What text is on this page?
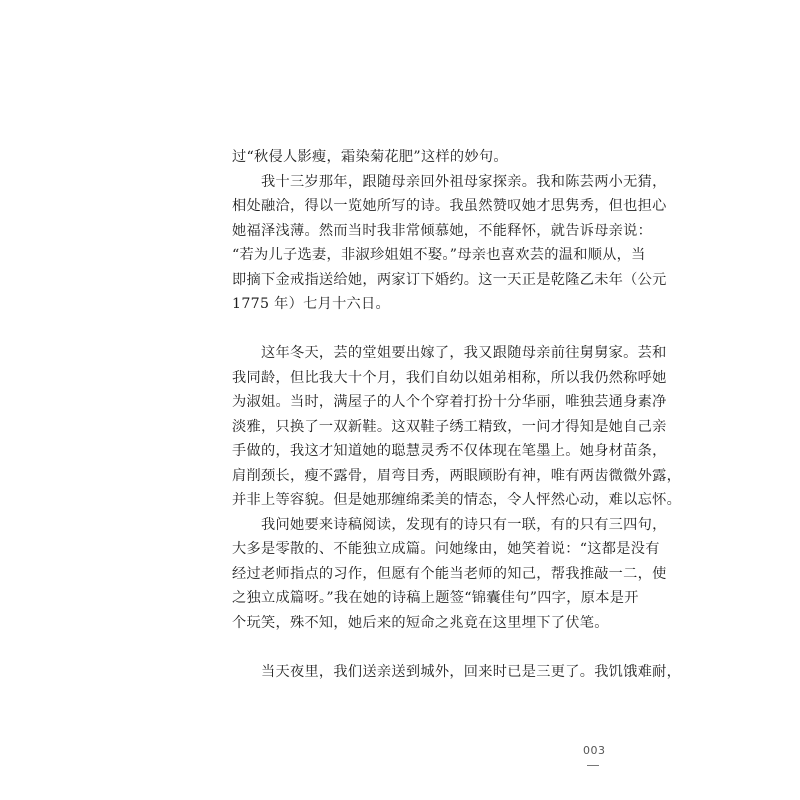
过“秋侵人影瘦，霜染菊花肥”这样的妙句。
　　我十三岁那年，跟随母亲回外祖母家探亲。我和陈芸两小无猜，
相处融洽，得以一览她所写的诗。我虽然赞叹她才思隽秀，但也担心
她福泽浅薄。然而当时我非常倾慕她，不能释怀，就告诉母亲说：
“若为儿子选妻，非淑珍姐姐不娶。”母亲也喜欢芸的温和顺从，当
即摘下金戒指送给她，两家订下婚约。这一天正是乾隆乙未年（公元
1775 年）七月十六日。
　　这年冬天，芸的堂姐要出嫁了，我又跟随母亲前往舅舅家。芸和
我同龄，但比我大十个月，我们自幼以姐弟相称，所以我仍然称呼她
为淑姐。当时，满屋子的人个个穿着打扮十分华丽，唯独芸通身素净
淡雅，只换了一双新鞋。这双鞋子绣工精致，一问才得知是她自己亲
手做的，我这才知道她的聪慧灵秀不仅体现在笔墨上。她身材苗条，
肩削颈长，瘦不露骨，眉弯目秀，两眼顾盼有神，唯有两齿微微外露，
并非上等容貌。但是她那缠绵柔美的情态，令人怦然心动，难以忘怀。
　　我问她要来诗稿阅读，发现有的诗只有一联，有的只有三四句，
大多是零散的、不能独立成篇。问她缘由，她笑着说：“这都是没有
经过老师指点的习作，但愿有个能当老师的知己，帮我推敲一二，使
之独立成篇呀。”我在她的诗稿上题签“锦囊佳句”四字，原本是开
个玩笑，殊不知，她后来的短命之兆竟在这里埋下了伏笔。
　　当天夜里，我们送亲送到城外，回来时已是三更了。我饥饿难耐，
003
